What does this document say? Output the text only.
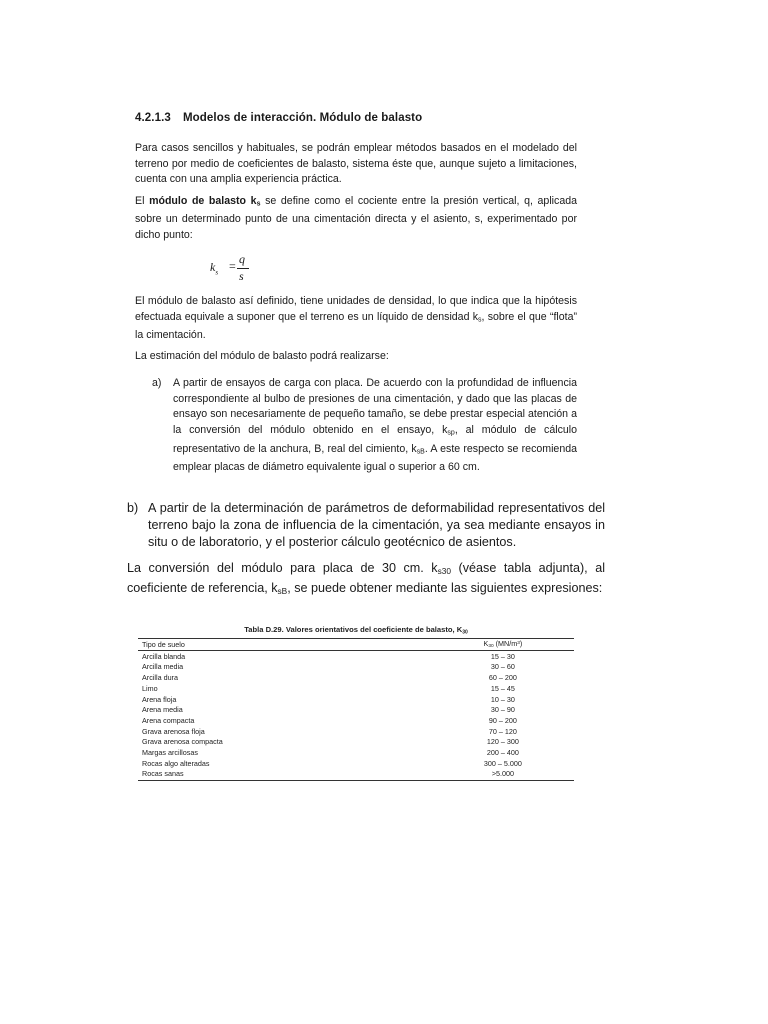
4.2.1.3 Modelos de interacción. Módulo de balasto

Para casos sencillos y habituales, se podrán emplear métodos basados en el modelado del terreno por medio de coeficientes de balasto, sistema éste que, aunque sujeto a limitaciones, cuenta con una amplia experiencia práctica.

El módulo de balasto $k_s$ se define como el cociente entre la presión vertical, q, aplicada sobre un determinado punto de una cimentación directa y el asiento, s, experimentado por dicho punto:

$k_s = q$
s

El módulo de balasto así definido, tiene unidades de densidad, lo que indica que la hipótesis efectuada equivale a suponer que el terreno es un líquido de densidad $k_s$, sobre el que “flota” la cimentación.

La estimación del módulo de balasto podrá realizarse:

a) A partir de ensayos de carga con placa. De acuerdo con la profundidad de influencia correspondiente al bulbo de presiones de una cimentación, y dado que las placas de ensayo son necesariamente de pequeño tamaño, se debe prestar especial atención a la conversión del módulo obtenido en el ensayo, $k_{sp}$, al módulo de cálculo representativo de la anchura, B, real del cimiento, $k_{sB}$. A este respecto se recomienda emplear placas de diámetro equivalente igual o superior a 60 cm.
b) A partir de la determinación de parámetros de deformabilidad representativos del terreno bajo la zona de influencia de la cimentación, ya sea mediante ensayos in situ o de laboratorio, y el posterior cálculo geotécnico de asientos.

La conversión del módulo para placa de 30 cm. $k_{s30}$ (véase tabla adjunta), al coeficiente de referencia, $k_{sB}$, se puede obtener mediante las siguientes expresiones:

Tabla D.29. Valores orientativos del coeficiente de balasto, $K_{30}$

Tipo de suelo	$K_{30}$ $(MN/m^3)$
Arcilla blanda	15 – 30
Arcilla media	30 – 60
Arcilla dura	60 – 200
Limo	15 – 45
Arena floja	10 – 30
Arena media	30 – 90
Arena compacta	90 – 200
Grava arenosa floja	70 – 120
Grava arenosa compacta	120 – 300
Margas arcillosas	200 – 400
Rocas algo alteradas	300 – 5.000
Rocas sanas	>5.000
